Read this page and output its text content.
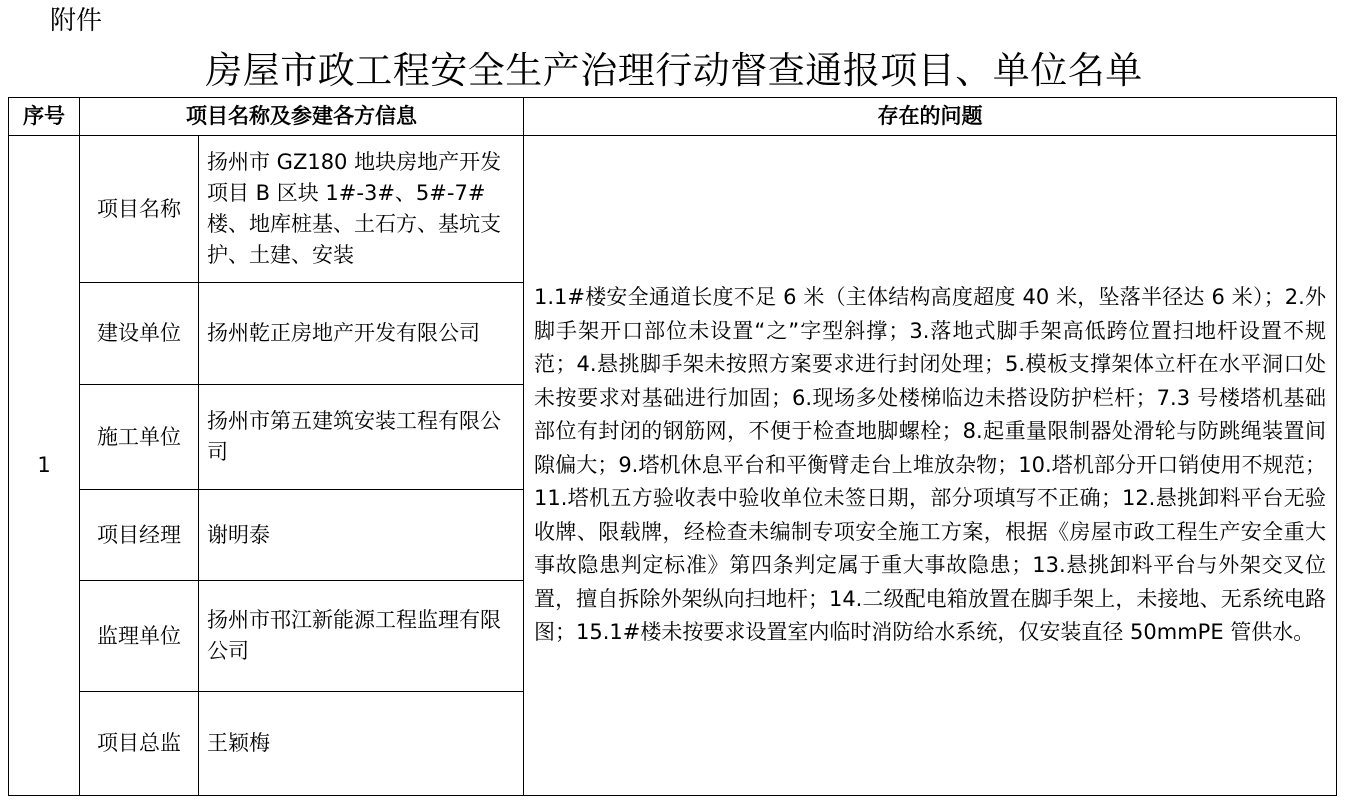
附件
房屋市政工程安全生产治理行动督查通报项目、单位名单
序号	项目名称及参建各方信息		存在的问题
1	项目名称	扬州市 GZ180 地块房地产开发项目 B 区块 1#-3#、5#-7#楼、地库桩基、土石方、基坑支护、土建、安装	1.1#楼安全通道长度不足 6 米（主体结构高度超度 40 米，坠落半径达 6 米）；2.外脚手架开口部位未设置“之”字型斜撑；3.落地式脚手架高低跨位置扫地杆设置不规范；4.悬挑脚手架未按照方案要求进行封闭处理；5.模板支撑架体立杆在水平洞口处未按要求对基础进行加固；6.现场多处楼梯临边未搭设防护栏杆；7.3 号楼塔机基础部位有封闭的钢筋网，不便于检查地脚螺栓；8.起重量限制器处滑轮与防跳绳装置间隙偏大；9.塔机休息平台和平衡臂走台上堆放杂物；10.塔机部分开口销使用不规范；11.塔机五方验收表中验收单位未签日期，部分项填写不正确；12.悬挑卸料平台无验收牌、限载牌，经检查未编制专项安全施工方案，根据《房屋市政工程生产安全重大事故隐患判定标准》第四条判定属于重大事故隐患；13.悬挑卸料平台与外架交叉位置，擅自拆除外架纵向扫地杆；14.二级配电箱放置在脚手架上，未接地、无系统电路图；15.1#楼未按要求设置室内临时消防给水系统，仅安装直径 50mmPE 管供水。
	建设单位	扬州乾正房地产开发有限公司	
	施工单位	扬州市第五建筑安装工程有限公司	
	项目经理	谢明泰	
	监理单位	扬州市邗江新能源工程监理有限公司	
	项目总监	王颖梅	
